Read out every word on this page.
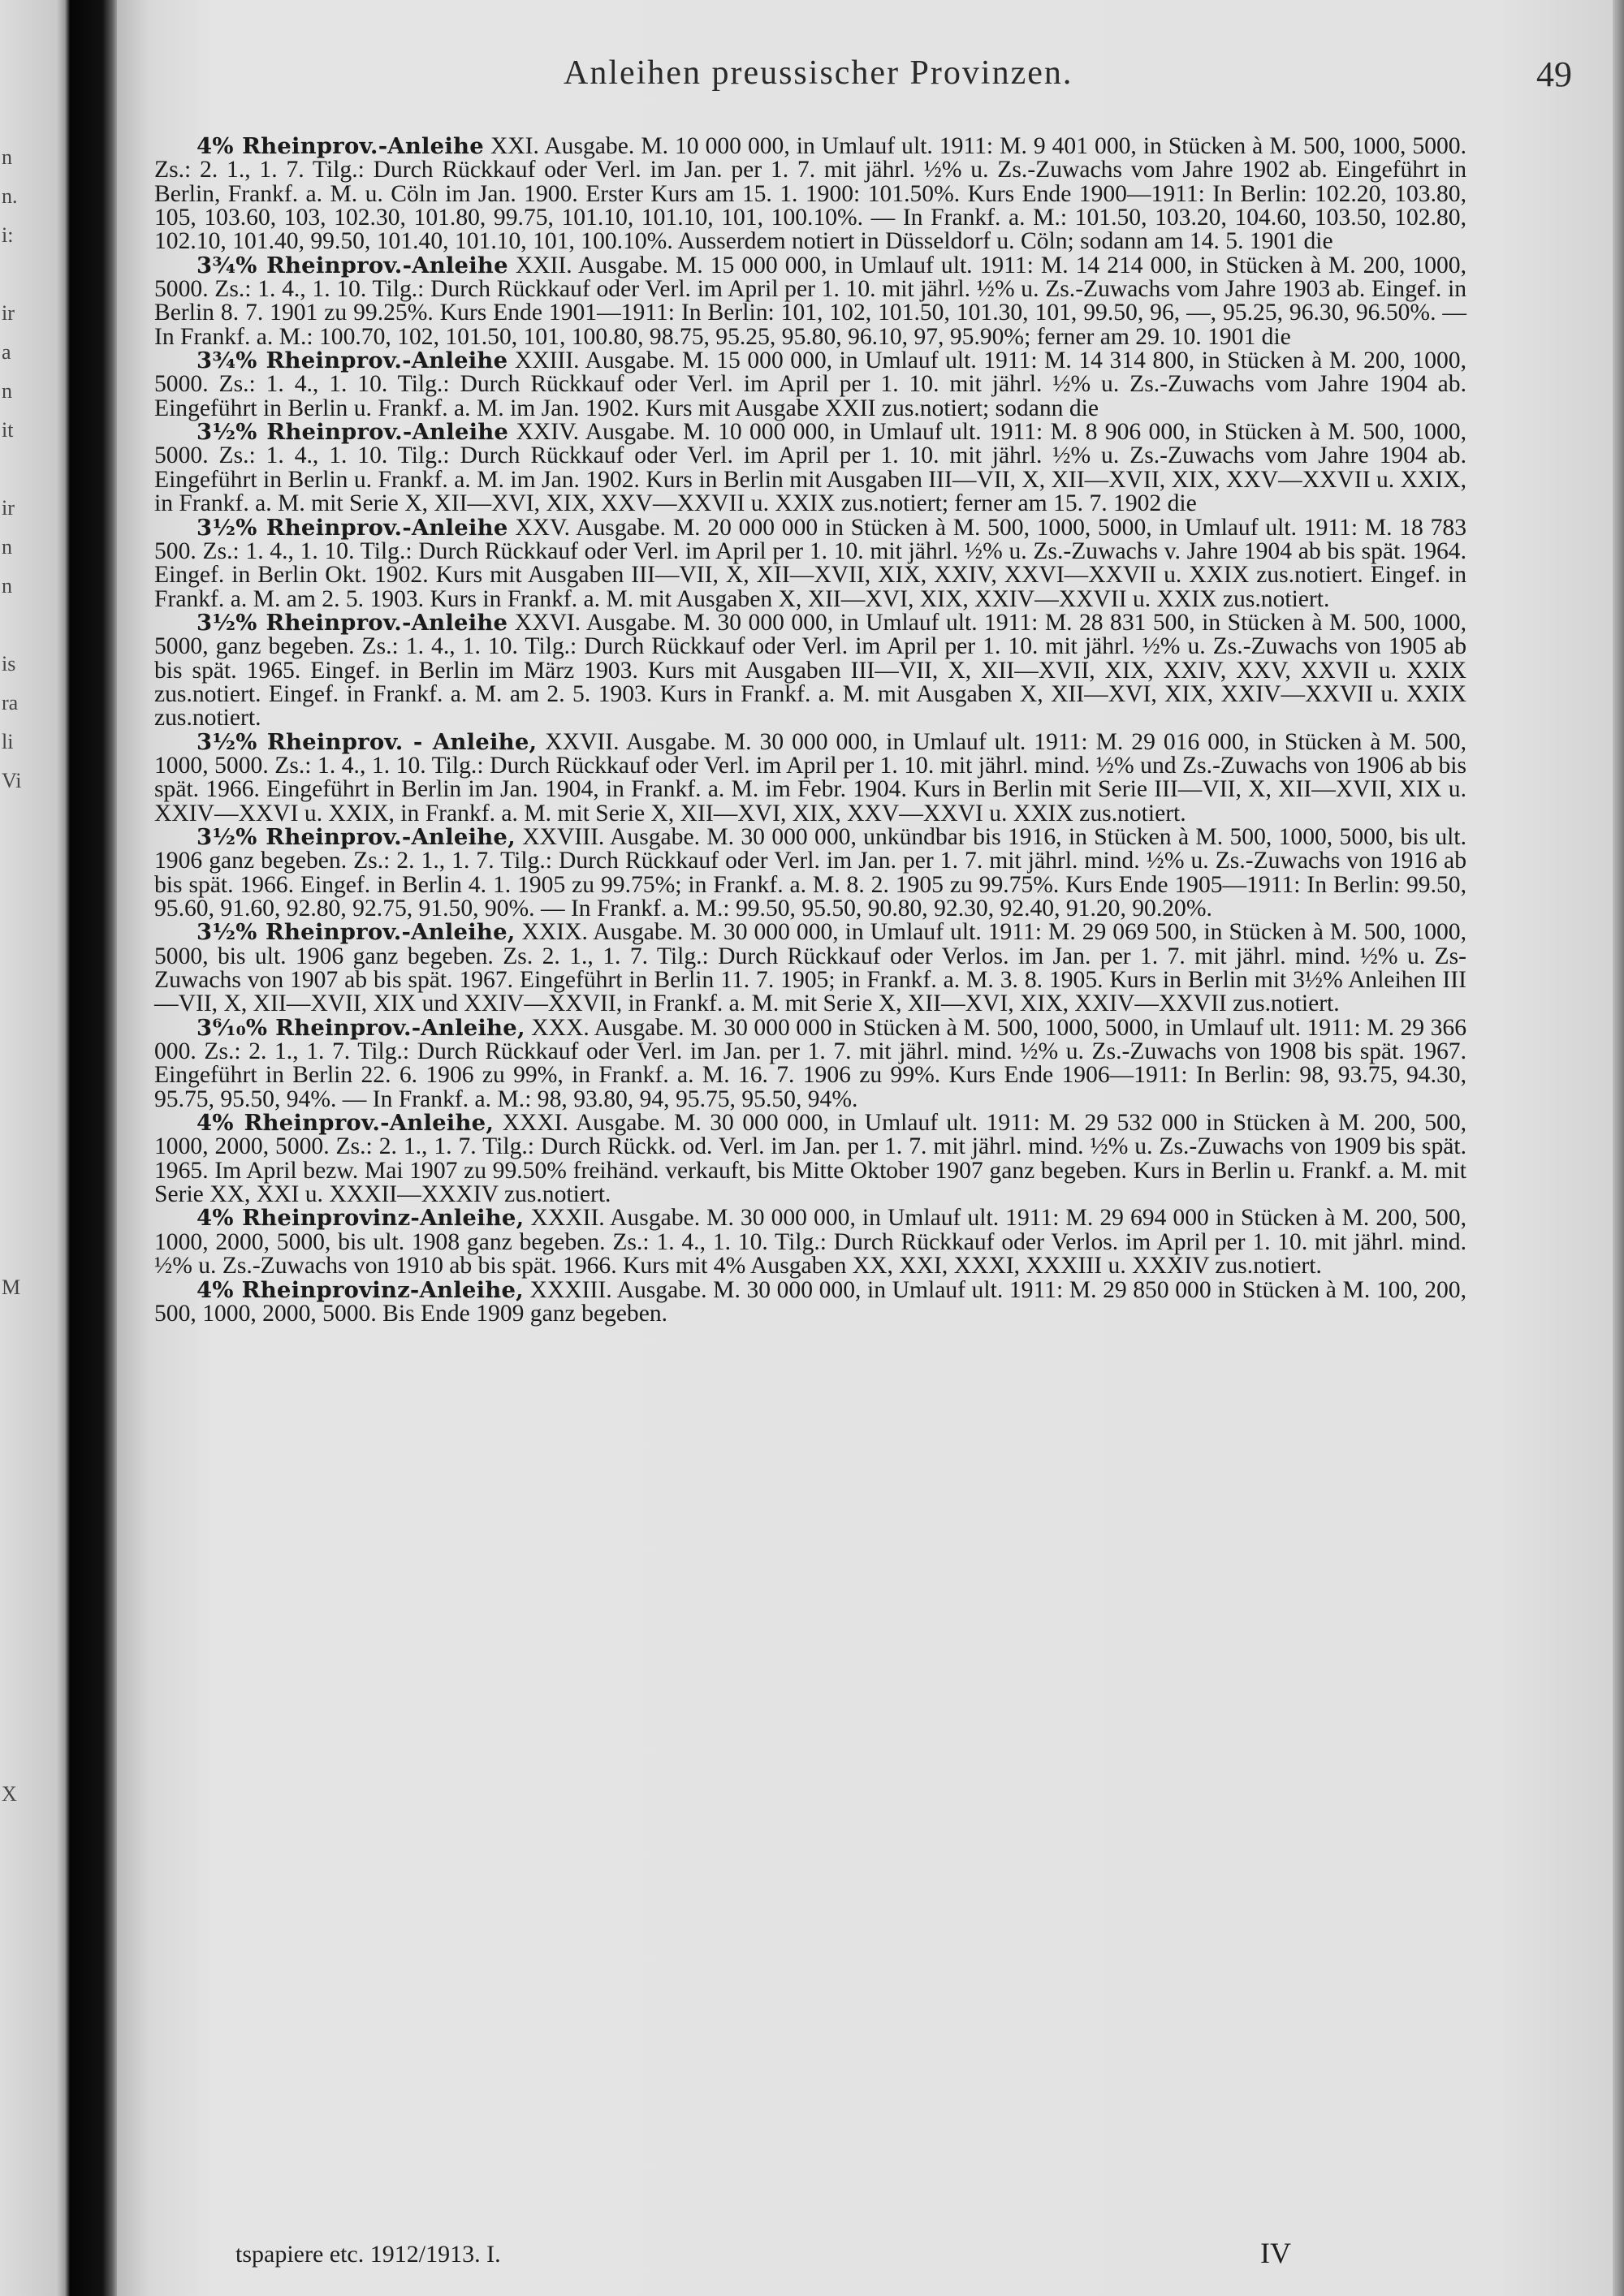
n
n.
i:
ir
a
n
it
ir
n
n
is
ra
li
Vi
M
X
Anleihen preussischer Provinzen.	49

4% Rheinprov.-Anleihe XXI. Ausgabe. M. 10 000 000, in Umlauf ult. 1911: M. 9 401 000, in Stücken à M. 500, 1000, 5000. Zs.: 2. 1., 1. 7. Tilg.: Durch Rückkauf oder Verl. im Jan. per 1. 7. mit jährl. ½% u. Zs.-Zuwachs vom Jahre 1902 ab. Eingeführt in Berlin, Frankf. a. M. u. Cöln im Jan. 1900. Erster Kurs am 15. 1. 1900: 101.50%. Kurs Ende 1900—1911: In Berlin: 102.20, 103.80, 105, 103.60, 103, 102.30, 101.80, 99.75, 101.10, 101.10, 101, 100.10%. — In Frankf. a. M.: 101.50, 103.20, 104.60, 103.50, 102.80, 102.10, 101.40, 99.50, 101.40, 101.10, 101, 100.10%. Ausserdem notiert in Düsseldorf u. Cöln; sodann am 14. 5. 1901 die

3¾% Rheinprov.-Anleihe XXII. Ausgabe. M. 15 000 000, in Umlauf ult. 1911: M. 14 214 000, in Stücken à M. 200, 1000, 5000. Zs.: 1. 4., 1. 10. Tilg.: Durch Rückkauf oder Verl. im April per 1. 10. mit jährl. ½% u. Zs.-Zuwachs vom Jahre 1903 ab. Eingef. in Berlin 8. 7. 1901 zu 99.25%. Kurs Ende 1901—1911: In Berlin: 101, 102, 101.50, 101.30, 101, 99.50, 96, —, 95.25, 96.30, 96.50%. — In Frankf. a. M.: 100.70, 102, 101.50, 101, 100.80, 98.75, 95.25, 95.80, 96.10, 97, 95.90%; ferner am 29. 10. 1901 die

3¾% Rheinprov.-Anleihe XXIII. Ausgabe. M. 15 000 000, in Umlauf ult. 1911: M. 14 314 800, in Stücken à M. 200, 1000, 5000. Zs.: 1. 4., 1. 10. Tilg.: Durch Rückkauf oder Verl. im April per 1. 10. mit jährl. ½% u. Zs.-Zuwachs vom Jahre 1904 ab. Eingeführt in Berlin u. Frankf. a. M. im Jan. 1902. Kurs mit Ausgabe XXII zus.notiert; sodann die

3½% Rheinprov.-Anleihe XXIV. Ausgabe. M. 10 000 000, in Umlauf ult. 1911: M. 8 906 000, in Stücken à M. 500, 1000, 5000. Zs.: 1. 4., 1. 10. Tilg.: Durch Rückkauf oder Verl. im April per 1. 10. mit jährl. ½% u. Zs.-Zuwachs vom Jahre 1904 ab. Eingeführt in Berlin u. Frankf. a. M. im Jan. 1902. Kurs in Berlin mit Ausgaben III—VII, X, XII—XVII, XIX, XXV—XXVII u. XXIX, in Frankf. a. M. mit Serie X, XII—XVI, XIX, XXV—XXVII u. XXIX zus.notiert; ferner am 15. 7. 1902 die

3½% Rheinprov.-Anleihe XXV. Ausgabe. M. 20 000 000 in Stücken à M. 500, 1000, 5000, in Umlauf ult. 1911: M. 18 783 500. Zs.: 1. 4., 1. 10. Tilg.: Durch Rückkauf oder Verl. im April per 1. 10. mit jährl. ½% u. Zs.-Zuwachs v. Jahre 1904 ab bis spät. 1964. Eingef. in Berlin Okt. 1902. Kurs mit Ausgaben III—VII, X, XII—XVII, XIX, XXIV, XXVI—XXVII u. XXIX zus.notiert. Eingef. in Frankf. a. M. am 2. 5. 1903. Kurs in Frankf. a. M. mit Ausgaben X, XII—XVI, XIX, XXIV—XXVII u. XXIX zus.notiert.

3½% Rheinprov.-Anleihe XXVI. Ausgabe. M. 30 000 000, in Umlauf ult. 1911: M. 28 831 500, in Stücken à M. 500, 1000, 5000, ganz begeben. Zs.: 1. 4., 1. 10. Tilg.: Durch Rückkauf oder Verl. im April per 1. 10. mit jährl. ½% u. Zs.-Zuwachs von 1905 ab bis spät. 1965. Eingef. in Berlin im März 1903. Kurs mit Ausgaben III—VII, X, XII—XVII, XIX, XXIV, XXV, XXVII u. XXIX zus.notiert. Eingef. in Frankf. a. M. am 2. 5. 1903. Kurs in Frankf. a. M. mit Ausgaben X, XII—XVI, XIX, XXIV—XXVII u. XXIX zus.notiert.

3½% Rheinprov. - Anleihe, XXVII. Ausgabe. M. 30 000 000, in Umlauf ult. 1911: M. 29 016 000, in Stücken à M. 500, 1000, 5000. Zs.: 1. 4., 1. 10. Tilg.: Durch Rückkauf oder Verl. im April per 1. 10. mit jährl. mind. ½% und Zs.-Zuwachs von 1906 ab bis spät. 1966. Eingeführt in Berlin im Jan. 1904, in Frankf. a. M. im Febr. 1904. Kurs in Berlin mit Serie III—VII, X, XII—XVII, XIX u. XXIV—XXVI u. XXIX, in Frankf. a. M. mit Serie X, XII—XVI, XIX, XXV—XXVI u. XXIX zus.notiert.

3½% Rheinprov.-Anleihe, XXVIII. Ausgabe. M. 30 000 000, unkündbar bis 1916, in Stücken à M. 500, 1000, 5000, bis ult. 1906 ganz begeben. Zs.: 2. 1., 1. 7. Tilg.: Durch Rückkauf oder Verl. im Jan. per 1. 7. mit jährl. mind. ½% u. Zs.-Zuwachs von 1916 ab bis spät. 1966. Eingef. in Berlin 4. 1. 1905 zu 99.75%; in Frankf. a. M. 8. 2. 1905 zu 99.75%. Kurs Ende 1905—1911: In Berlin: 99.50, 95.60, 91.60, 92.80, 92.75, 91.50, 90%. — In Frankf. a. M.: 99.50, 95.50, 90.80, 92.30, 92.40, 91.20, 90.20%.

3½% Rheinprov.-Anleihe, XXIX. Ausgabe. M. 30 000 000, in Umlauf ult. 1911: M. 29 069 500, in Stücken à M. 500, 1000, 5000, bis ult. 1906 ganz begeben. Zs. 2. 1., 1. 7. Tilg.: Durch Rückkauf oder Verlos. im Jan. per 1. 7. mit jährl. mind. ½% u. Zs-Zuwachs von 1907 ab bis spät. 1967. Eingeführt in Berlin 11. 7. 1905; in Frankf. a. M. 3. 8. 1905. Kurs in Berlin mit 3½% Anleihen III—VII, X, XII—XVII, XIX und XXIV—XXVII, in Frankf. a. M. mit Serie X, XII—XVI, XIX, XXIV—XXVII zus.notiert.

3⁶⁄₁₀% Rheinprov.-Anleihe, XXX. Ausgabe. M. 30 000 000 in Stücken à M. 500, 1000, 5000, in Umlauf ult. 1911: M. 29 366 000. Zs.: 2. 1., 1. 7. Tilg.: Durch Rückkauf oder Verl. im Jan. per 1. 7. mit jährl. mind. ½% u. Zs.-Zuwachs von 1908 bis spät. 1967. Eingeführt in Berlin 22. 6. 1906 zu 99%, in Frankf. a. M. 16. 7. 1906 zu 99%. Kurs Ende 1906—1911: In Berlin: 98, 93.75, 94.30, 95.75, 95.50, 94%. — In Frankf. a. M.: 98, 93.80, 94, 95.75, 95.50, 94%.

4% Rheinprov.-Anleihe, XXXI. Ausgabe. M. 30 000 000, in Umlauf ult. 1911: M. 29 532 000 in Stücken à M. 200, 500, 1000, 2000, 5000. Zs.: 2. 1., 1. 7. Tilg.: Durch Rückk. od. Verl. im Jan. per 1. 7. mit jährl. mind. ½% u. Zs.-Zuwachs von 1909 bis spät. 1965. Im April bezw. Mai 1907 zu 99.50% freihänd. verkauft, bis Mitte Oktober 1907 ganz begeben. Kurs in Berlin u. Frankf. a. M. mit Serie XX, XXI u. XXXII—XXXIV zus.notiert.

4% Rheinprovinz-Anleihe, XXXII. Ausgabe. M. 30 000 000, in Umlauf ult. 1911: M. 29 694 000 in Stücken à M. 200, 500, 1000, 2000, 5000, bis ult. 1908 ganz begeben. Zs.: 1. 4., 1. 10. Tilg.: Durch Rückkauf oder Verlos. im April per 1. 10. mit jährl. mind. ½% u. Zs.-Zuwachs von 1910 ab bis spät. 1966. Kurs mit 4% Ausgaben XX, XXI, XXXI, XXXIII u. XXXIV zus.notiert.

4% Rheinprovinz-Anleihe, XXXIII. Ausgabe. M. 30 000 000, in Umlauf ult. 1911: M. 29 850 000 in Stücken à M. 100, 200, 500, 1000, 2000, 5000. Bis Ende 1909 ganz begeben.

tspapiere etc. 1912/1913. I.	IV
